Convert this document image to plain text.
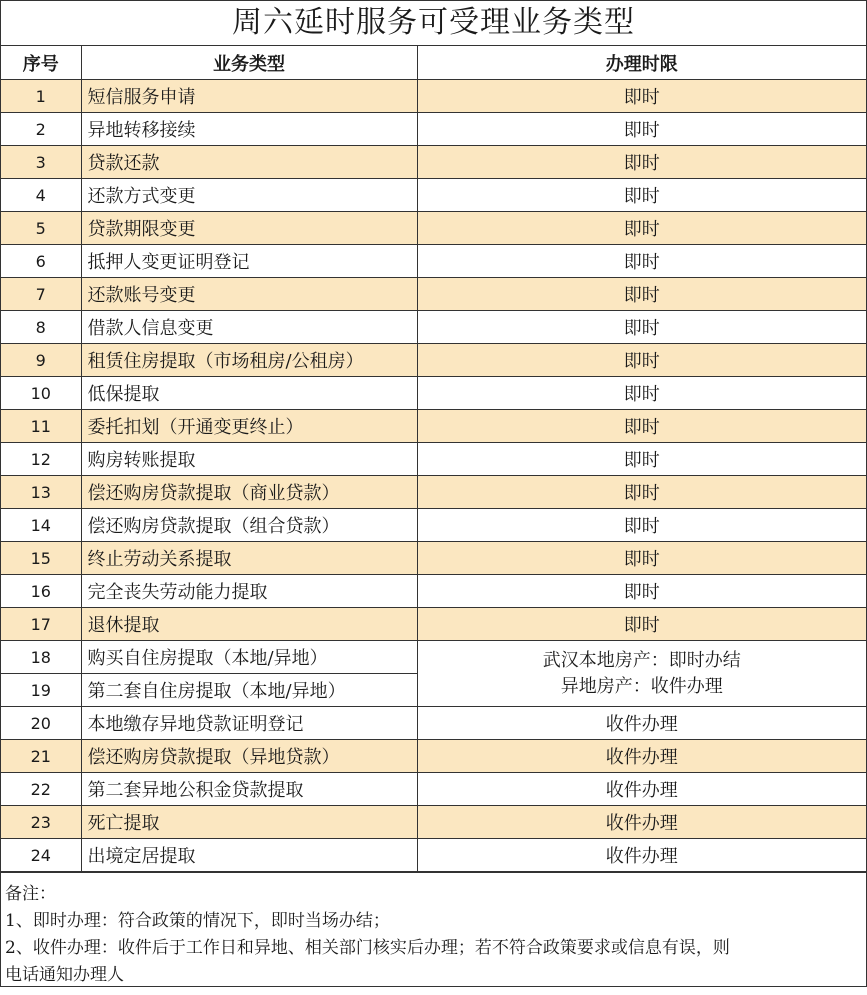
周六延时服务可受理业务类型
序号	业务类型	办理时限
1	短信服务申请	即时
2	异地转移接续	即时
3	贷款还款	即时
4	还款方式变更	即时
5	贷款期限变更	即时
6	抵押人变更证明登记	即时
7	还款账号变更	即时
8	借款人信息变更	即时
9	租赁住房提取（市场租房/公租房）	即时
10	低保提取	即时
11	委托扣划（开通变更终止）	即时
12	购房转账提取	即时
13	偿还购房贷款提取（商业贷款）	即时
14	偿还购房贷款提取（组合贷款）	即时
15	终止劳动关系提取	即时
16	完全丧失劳动能力提取	即时
17	退休提取	即时
18	购买自住房提取（本地/异地）	武汉本地房产：即时办结
异地房产：收件办理

19	第二套自住房提取（本地/异地）	
20	本地缴存异地贷款证明登记	收件办理
21	偿还购房贷款提取（异地贷款）	收件办理
22	第二套异地公积金贷款提取	收件办理
23	死亡提取	收件办理
24	出境定居提取	收件办理
备注：
1、即时办理：符合政策的情况下，即时当场办结；
2、收件办理：收件后于工作日和异地、相关部门核实后办理；若不符合政策要求或信息有误，则
电话通知办理人
